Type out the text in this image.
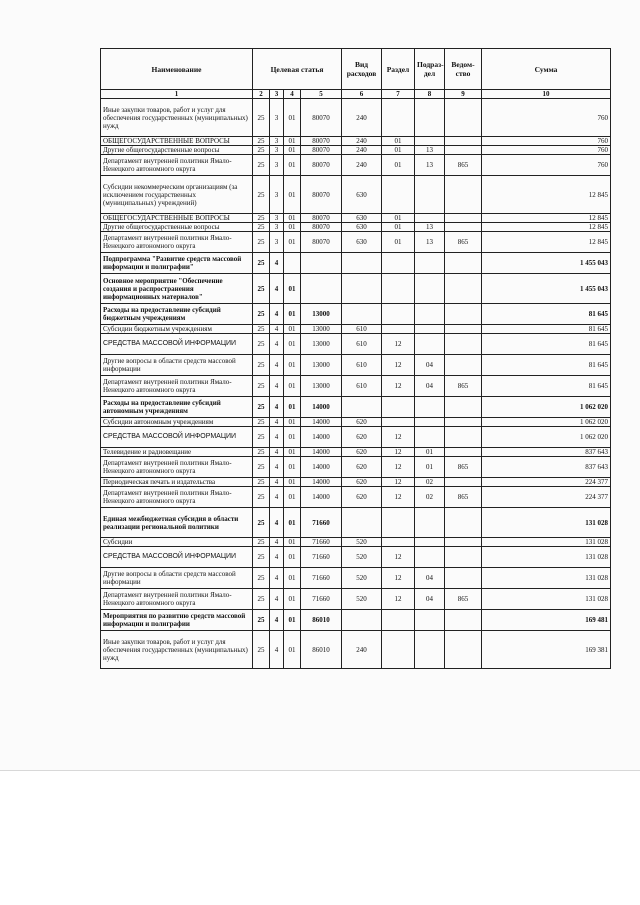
Наименование	Целевая статья				Вид расходов	Раздел	Подраз-дел	Ведом-ство	Сумма
1	2	3	4	5	6	7	8	9	10
Иные закупки товаров, работ и услуг для обеспечения государственных (муниципальных) нужд	25	3	01	80070	240				760
ОБЩЕГОСУДАРСТВЕННЫЕ ВОПРОСЫ	25	3	01	80070	240	01			760
Другие общегосударственные вопросы	25	3	01	80070	240	01	13		760
Департамент внутренней политики Ямало-Ненецкого автономного округа	25	3	01	80070	240	01	13	865	760
Субсидии некоммерческим организациям (за исключением государственных (муниципальных) учреждений)	25	3	01	80070	630				12 845
ОБЩЕГОСУДАРСТВЕННЫЕ ВОПРОСЫ	25	3	01	80070	630	01			12 845
Другие общегосударственные вопросы	25	3	01	80070	630	01	13		12 845
Департамент внутренней политики Ямало-Ненецкого автономного округа	25	3	01	80070	630	01	13	865	12 845
Подпрограмма "Развитие средств массовой информации и полиграфии"	25	4							1 455 043
Основное мероприятие "Обеспечение создания и распространения информационных материалов"	25	4	01						1 455 043
Расходы на предоставление субсидий бюджетным учреждениям	25	4	01	13000					81 645
Субсидии бюджетным учреждениям	25	4	01	13000	610				81 645
СРЕДСТВА МАССОВОЙ ИНФОРМАЦИИ	25	4	01	13000	610	12			81 645
Другие вопросы в области средств массовой информации	25	4	01	13000	610	12	04		81 645
Департамент внутренней политики Ямало-Ненецкого автономного округа	25	4	01	13000	610	12	04	865	81 645
Расходы на предоставление субсидий автономным учреждениям	25	4	01	14000					1 062 020
Субсидии автономным учреждениям	25	4	01	14000	620				1 062 020
СРЕДСТВА МАССОВОЙ ИНФОРМАЦИИ	25	4	01	14000	620	12			1 062 020
Телевидение и радиовещание	25	4	01	14000	620	12	01		837 643
Департамент внутренней политики Ямало-Ненецкого автономного округа	25	4	01	14000	620	12	01	865	837 643
Периодическая печать и издательства	25	4	01	14000	620	12	02		224 377
Департамент внутренней политики Ямало-Ненецкого автономного округа	25	4	01	14000	620	12	02	865	224 377
Единая межбюджетная субсидия в области реализации региональной политики	25	4	01	71660					131 028
Субсидии	25	4	01	71660	520				131 028
СРЕДСТВА МАССОВОЙ ИНФОРМАЦИИ	25	4	01	71660	520	12			131 028
Другие вопросы в области средств массовой информации	25	4	01	71660	520	12	04		131 028
Департамент внутренней политики Ямало-Ненецкого автономного округа	25	4	01	71660	520	12	04	865	131 028
Мероприятия по развитию средств массовой информации и полиграфии	25	4	01	86010					169 481
Иные закупки товаров, работ и услуг для обеспечения государственных (муниципальных) нужд	25	4	01	86010	240				169 381
